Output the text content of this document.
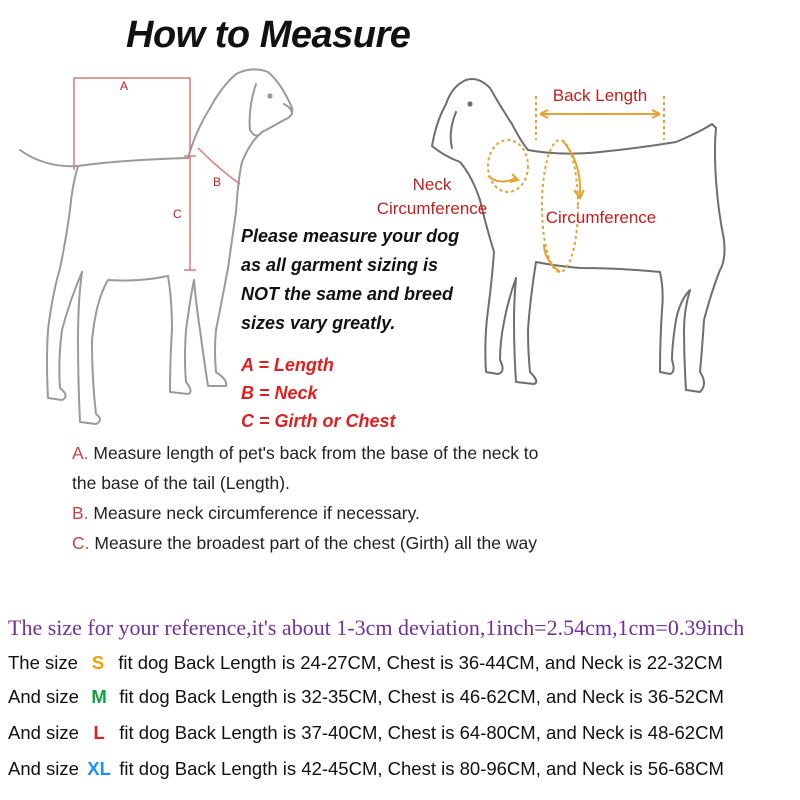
How to Measure
A
B
C
Back Length
Neck
Circumference	Circumference
Please measure your dog
as all garment sizing is
NOT the same and breed
sizes vary greatly.
A = Length
B = Neck
C = Girth or Chest
A. Measure length of pet's back from the base of the neck to
the base of the tail (Length).
B. Measure neck circumference if necessary.
C. Measure the broadest part of the chest (Girth) all the way
The size for your reference,it's about 1-3cm deviation,1inch=2.54cm,1cm=0.39inch
The size S fit dog Back Length is 24-27CM, Chest is 36-44CM, and Neck is 22-32CM
And size M fit dog Back Length is 32-35CM, Chest is 46-62CM, and Neck is 36-52CM
And size L fit dog Back Length is 37-40CM, Chest is 64-80CM, and Neck is 48-62CM
And size XL fit dog Back Length is 42-45CM, Chest is 80-96CM, and Neck is 56-68CM
